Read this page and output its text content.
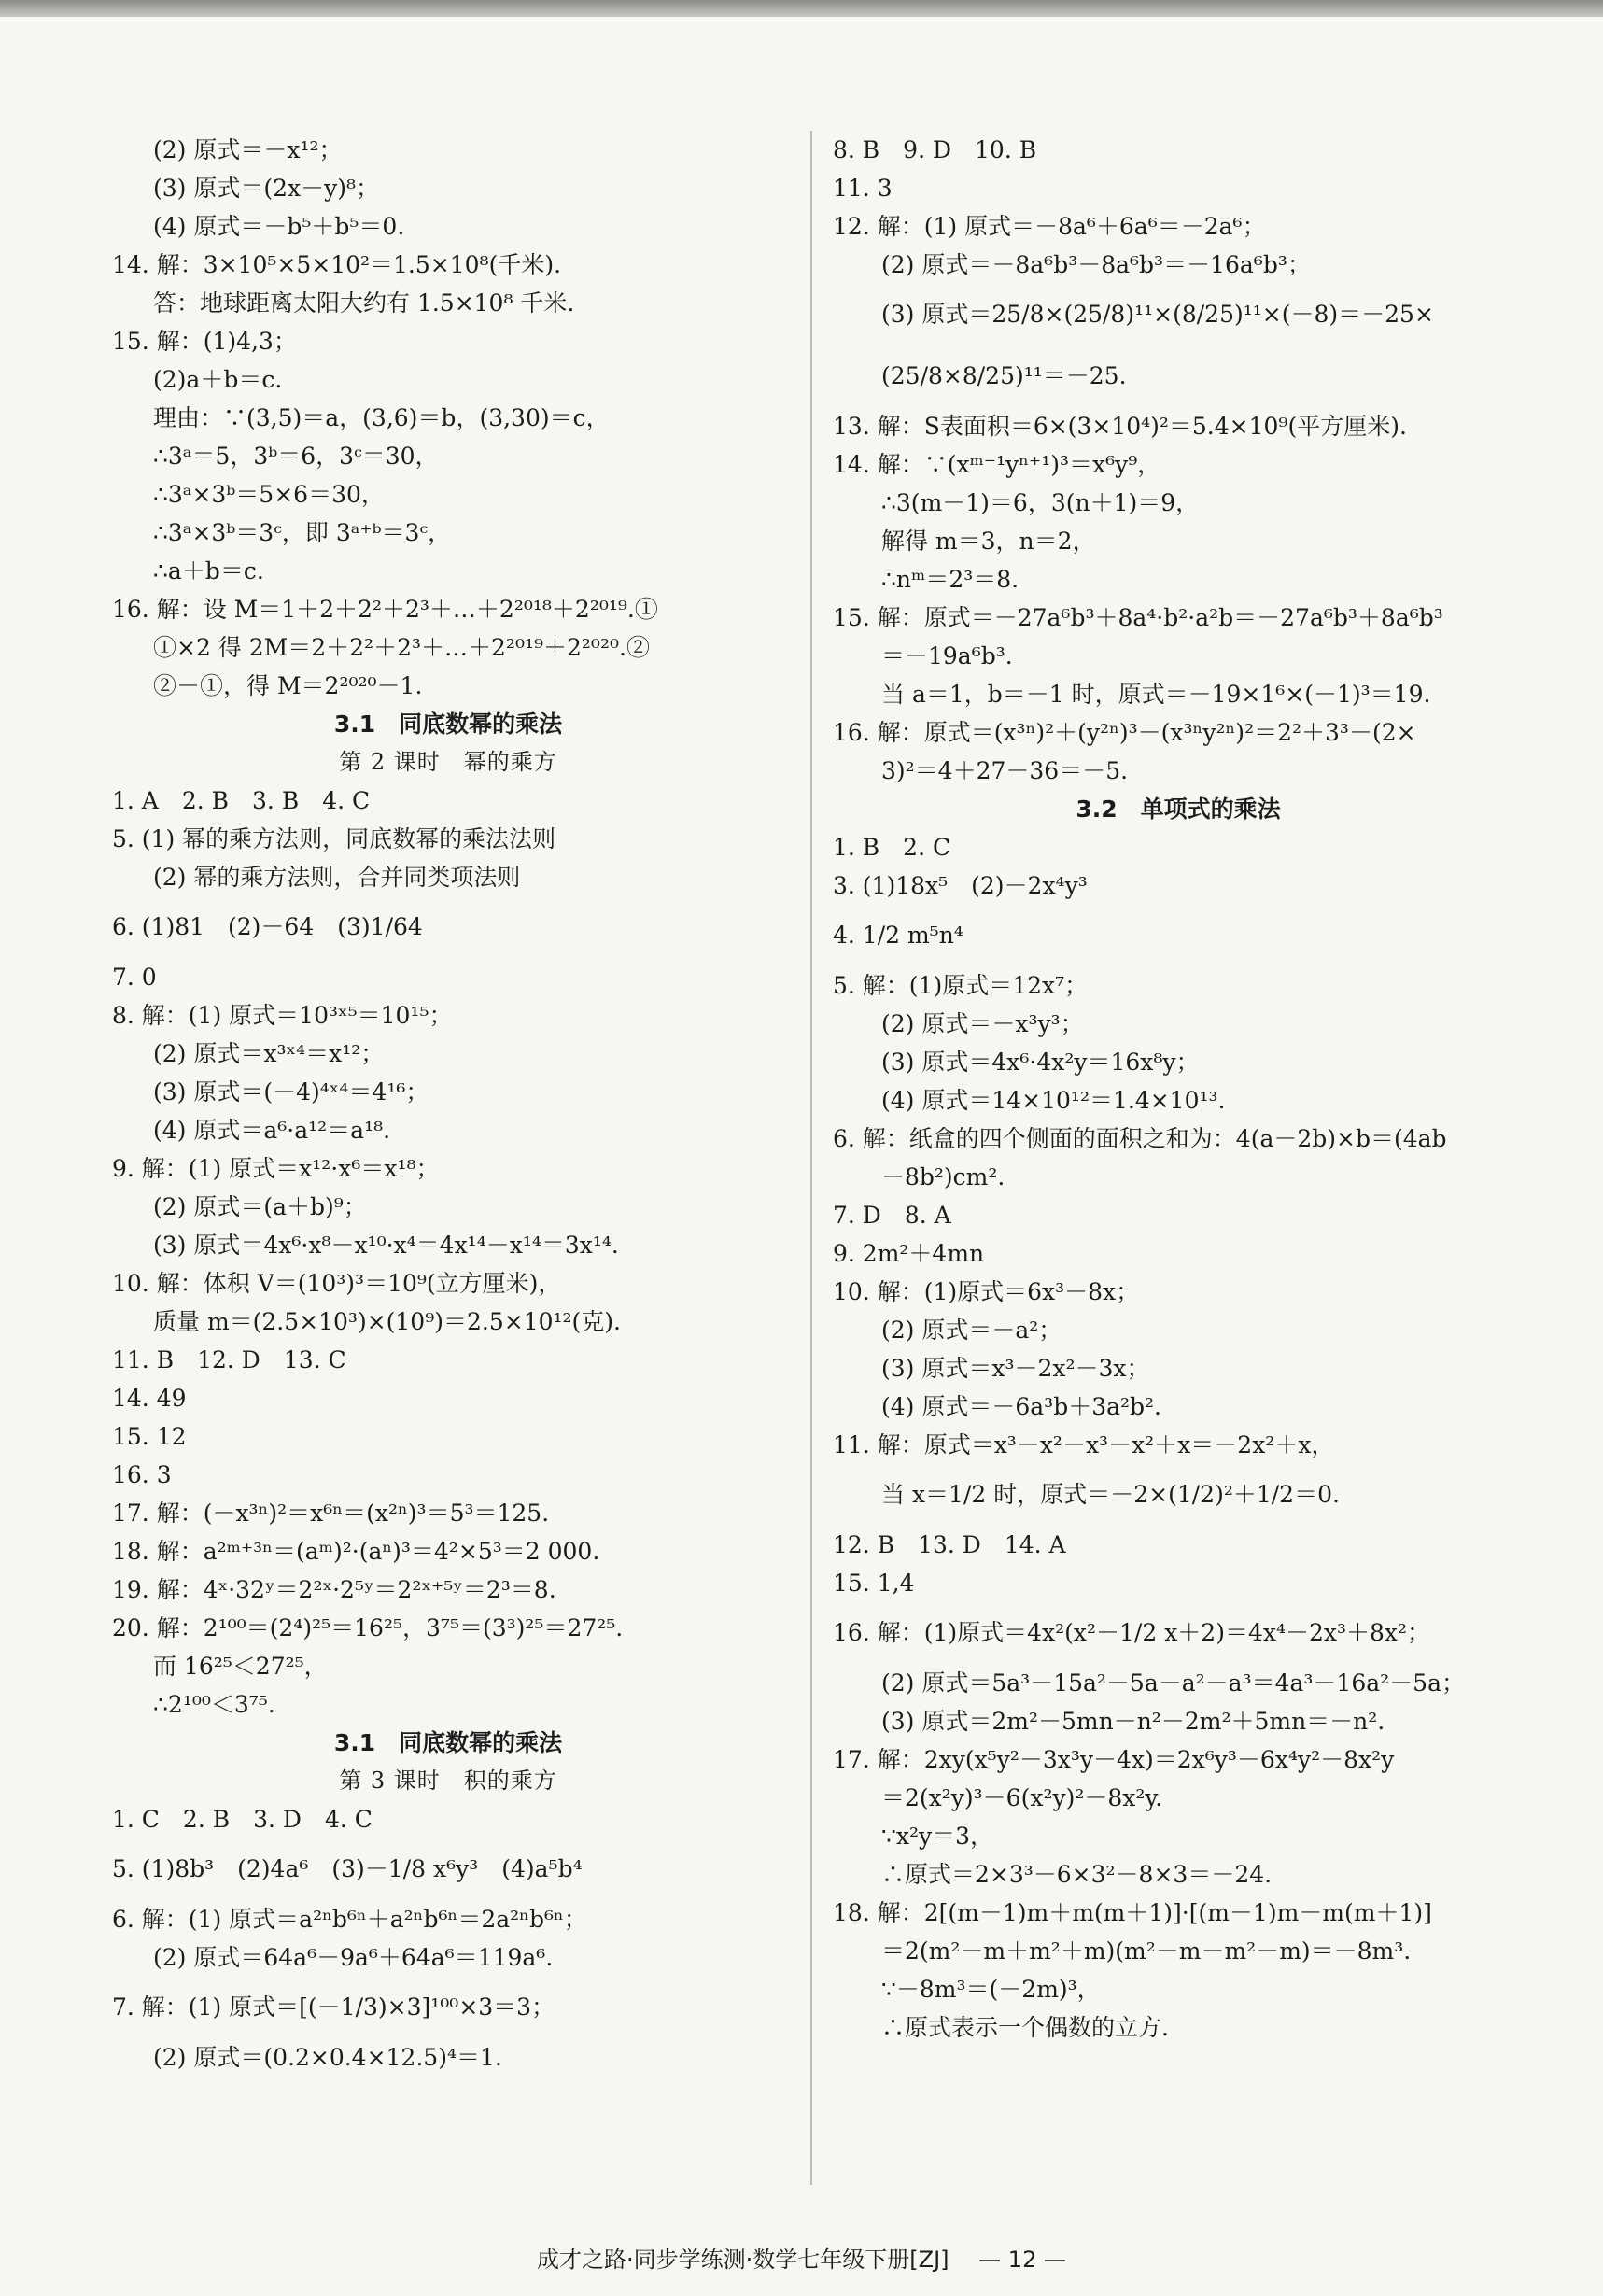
(2) 原式＝－x¹²；

(3) 原式＝(2x－y)⁸；

(4) 原式＝－b⁵＋b⁵＝0.

14. 解：3×10⁵×5×10²＝1.5×10⁸(千米).

答：地球距离太阳大约有 1.5×10⁸ 千米.

15. 解：(1)4,3；

(2)a＋b＝c.

理由：∵(3,5)＝a，(3,6)＝b，(3,30)＝c，

∴3ᵃ＝5，3ᵇ＝6，3ᶜ＝30，

∴3ᵃ×3ᵇ＝5×6＝30，

∴3ᵃ×3ᵇ＝3ᶜ，即 3ᵃ⁺ᵇ＝3ᶜ，

∴a＋b＝c.

16. 解：设 M＝1＋2＋2²＋2³＋…＋2²⁰¹⁸＋2²⁰¹⁹.①

①×2 得 2M＝2＋2²＋2³＋…＋2²⁰¹⁹＋2²⁰²⁰.②

②－①，得 M＝2²⁰²⁰－1.

3.1　同底数幂的乘法

第 2 课时　幂的乘方

1. A　2. B　3. B　4. C

5. (1) 幂的乘方法则，同底数幂的乘法法则

(2) 幂的乘方法则，合并同类项法则

6. (1)81　(2)－64　(3)1/64

7. 0

8. 解：(1) 原式＝10³ˣ⁵＝10¹⁵；

(2) 原式＝x³ˣ⁴＝x¹²；

(3) 原式＝(－4)⁴ˣ⁴＝4¹⁶；

(4) 原式＝a⁶·a¹²＝a¹⁸.

9. 解：(1) 原式＝x¹²·x⁶＝x¹⁸；

(2) 原式＝(a＋b)⁹；

(3) 原式＝4x⁶·x⁸－x¹⁰·x⁴＝4x¹⁴－x¹⁴＝3x¹⁴.

10. 解：体积 V＝(10³)³＝10⁹(立方厘米)，

质量 m＝(2.5×10³)×(10⁹)＝2.5×10¹²(克).

11. B　12. D　13. C

14. 49

15. 12

16. 3

17. 解：(－x³ⁿ)²＝x⁶ⁿ＝(x²ⁿ)³＝5³＝125.

18. 解：a²ᵐ⁺³ⁿ＝(aᵐ)²·(aⁿ)³＝4²×5³＝2 000.

19. 解：4ˣ·32ʸ＝2²ˣ·2⁵ʸ＝2²ˣ⁺⁵ʸ＝2³＝8.

20. 解：2¹⁰⁰＝(2⁴)²⁵＝16²⁵，3⁷⁵＝(3³)²⁵＝27²⁵.

而 16²⁵＜27²⁵，

∴2¹⁰⁰＜3⁷⁵.

3.1　同底数幂的乘法

第 3 课时　积的乘方

1. C　2. B　3. D　4. C

5. (1)8b³　(2)4a⁶　(3)－1/8 x⁶y³　(4)a⁵b⁴

6. 解：(1) 原式＝a²ⁿb⁶ⁿ＋a²ⁿb⁶ⁿ＝2a²ⁿb⁶ⁿ；

(2) 原式＝64a⁶－9a⁶＋64a⁶＝119a⁶.

7. 解：(1) 原式＝[(－1/3)×3]¹⁰⁰×3＝3；

(2) 原式＝(0.2×0.4×12.5)⁴＝1.

8. B　9. D　10. B

11. 3

12. 解：(1) 原式＝－8a⁶＋6a⁶＝－2a⁶；

(2) 原式＝－8a⁶b³－8a⁶b³＝－16a⁶b³；

(3) 原式＝25/8×(25/8)¹¹×(8/25)¹¹×(－8)＝－25×

(25/8×8/25)¹¹＝－25.

13. 解：S表面积＝6×(3×10⁴)²＝5.4×10⁹(平方厘米).

14. 解：∵(xᵐ⁻¹yⁿ⁺¹)³＝x⁶y⁹，

∴3(m－1)＝6，3(n＋1)＝9，

解得 m＝3，n＝2，

∴nᵐ＝2³＝8.

15. 解：原式＝－27a⁶b³＋8a⁴·b²·a²b＝－27a⁶b³＋8a⁶b³

＝－19a⁶b³.

当 a＝1，b＝－1 时，原式＝－19×1⁶×(－1)³＝19.

16. 解：原式＝(x³ⁿ)²＋(y²ⁿ)³－(x³ⁿy²ⁿ)²＝2²＋3³－(2×

3)²＝4＋27－36＝－5.

3.2　单项式的乘法

1. B　2. C

3. (1)18x⁵　(2)－2x⁴y³

4. 1/2 m⁵n⁴

5. 解：(1)原式＝12x⁷；

(2) 原式＝－x³y³；

(3) 原式＝4x⁶·4x²y＝16x⁸y；

(4) 原式＝14×10¹²＝1.4×10¹³.

6. 解：纸盒的四个侧面的面积之和为：4(a－2b)×b＝(4ab

－8b²)cm².

7. D　8. A

9. 2m²＋4mn

10. 解：(1)原式＝6x³－8x；

(2) 原式＝－a²；

(3) 原式＝x³－2x²－3x；

(4) 原式＝－6a³b＋3a²b².

11. 解：原式＝x³－x²－x³－x²＋x＝－2x²＋x，

当 x＝1/2 时，原式＝－2×(1/2)²＋1/2＝0.

12. B　13. D　14. A

15. 1,4

16. 解：(1)原式＝4x²(x²－1/2 x＋2)＝4x⁴－2x³＋8x²；

(2) 原式＝5a³－15a²－5a－a²－a³＝4a³－16a²－5a；

(3) 原式＝2m²－5mn－n²－2m²＋5mn＝－n².

17. 解：2xy(x⁵y²－3x³y－4x)＝2x⁶y³－6x⁴y²－8x²y

＝2(x²y)³－6(x²y)²－8x²y.

∵x²y＝3，

∴原式＝2×3³－6×3²－8×3＝－24.

18. 解：2[(m－1)m＋m(m＋1)]·[(m－1)m－m(m＋1)]

＝2(m²－m＋m²＋m)(m²－m－m²－m)＝－8m³.

∵－8m³＝(－2m)³，

∴原式表示一个偶数的立方.

成才之路·同步学练测·数学七年级下册[ZJ] — 12 —
